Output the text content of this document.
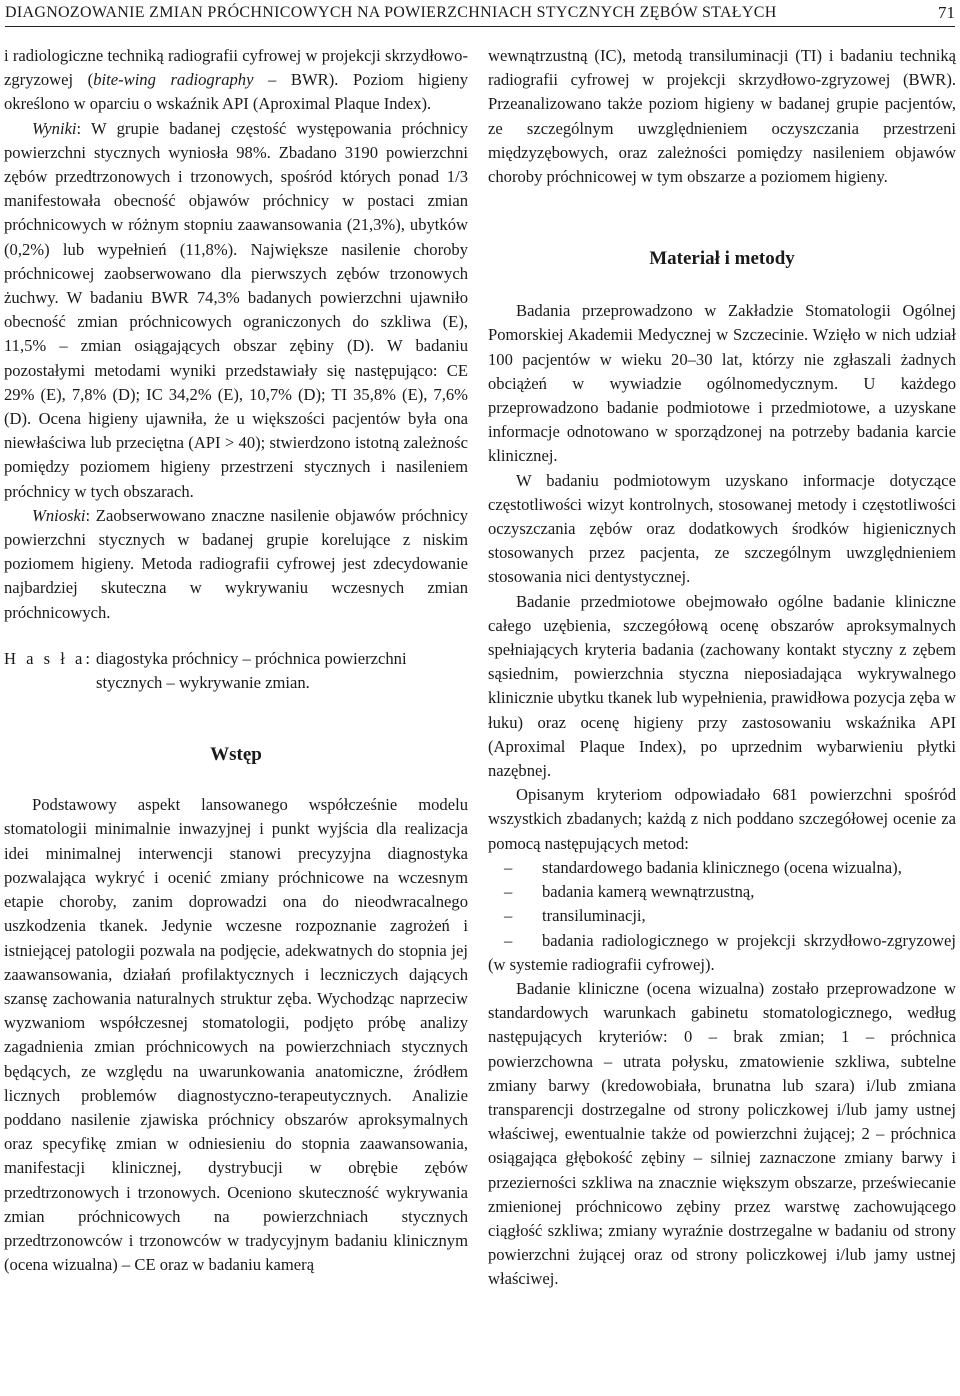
DIAGNOZOWANIE ZMIAN PRÓCHNICOWYCH NA POWIERZCHNIACH STYCZNYCH ZĘBÓW STAŁYCH	71

i radiologiczne techniką radiografii cyfrowej w projekcji skrzydłowo-zgryzowej (bite-wing radiography – BWR). Poziom higieny określono w oparciu o wskaźnik API (Aproximal Plaque Index).

Wyniki: W grupie badanej częstość występowania próchnicy powierzchni stycznych wyniosła 98%. Zbadano 3190 powierzchni zębów przedtrzonowych i trzonowych, spośród których ponad 1/3 manifestowała obecność objawów próchnicy w postaci zmian próchnicowych w różnym stopniu zaawansowania (21,3%), ubytków (0,2%) lub wypełnień (11,8%). Największe nasilenie choroby próchnicowej zaobserwowano dla pierwszych zębów trzonowych żuchwy. W badaniu BWR 74,3% badanych powierzchni ujawniło obecność zmian próchnicowych ograniczonych do szkliwa (E), 11,5% – zmian osiągających obszar zębiny (D). W badaniu pozostałymi metodami wyniki przedstawiały się następująco: CE 29% (E), 7,8% (D); IC 34,2% (E), 10,7% (D); TI 35,8% (E), 7,6% (D). Ocena higieny ujawniła, że u większości pacjentów była ona niewłaściwa lub przeciętna (API > 40); stwierdzono istotną zależnośc pomiędzy poziomem higieny przestrzeni stycznych i nasileniem próchnicy w tych obszarach.

Wnioski: Zaobserwowano znaczne nasilenie objawów próchnicy powierzchni stycznych w badanej grupie korelujące z niskim poziomem higieny. Metoda radiografii cyfrowej jest zdecydowanie najbardziej skuteczna w wykrywaniu wczesnych zmian próchnicowych.

H a s ł a: diagostyka próchnicy – próchnica powierzchni stycznych – wykrywanie zmian.

Wstęp

Podstawowy aspekt lansowanego współcześnie modelu stomatologii minimalnie inwazyjnej i punkt wyjścia dla realizacja idei minimalnej interwencji stanowi precyzyjna diagnostyka pozwalająca wykryć i ocenić zmiany próchnicowe na wczesnym etapie choroby, zanim doprowadzi ona do nieodwracalnego uszkodzenia tkanek. Jedynie wczesne rozpoznanie zagrożeń i istniejącej patologii pozwala na podjęcie, adekwatnych do stopnia jej zaawansowania, działań profilaktycznych i leczniczych dających szansę zachowania naturalnych struktur zęba. Wychodząc naprzeciw wyzwaniom współczesnej stomatologii, podjęto próbę analizy zagadnienia zmian próchnicowych na powierzchniach stycznych będących, ze względu na uwarunkowania anatomiczne, źródłem licznych problemów diagnostyczno-terapeutycznych. Analizie poddano nasilenie zjawiska próchnicy obszarów aproksymalnych oraz specyfikę zmian w odniesieniu do stopnia zaawansowania, manifestacji klinicznej, dystrybucji w obrębie zębów przedtrzonowych i trzonowych. Oceniono skuteczność wykrywania zmian próchnicowych na powierzchniach stycznych przedtrzonowców i trzonowców w tradycyjnym badaniu klinicznym (ocena wizualna) – CE oraz w badaniu kamerą

wewnątrzustną (IC), metodą transiluminacji (TI) i badaniu techniką radiografii cyfrowej w projekcji skrzydłowo-zgryzowej (BWR). Przeanalizowano także poziom higieny w badanej grupie pacjentów, ze szczególnym uwzględnieniem oczyszczania przestrzeni międzyzębowych, oraz zależności pomiędzy nasileniem objawów choroby próchnicowej w tym obszarze a poziomem higieny.

Materiał i metody

Badania przeprowadzono w Zakładzie Stomatologii Ogólnej Pomorskiej Akademii Medycznej w Szczecinie. Wzięło w nich udział 100 pacjentów w wieku 20–30 lat, którzy nie zgłaszali żadnych obciążeń w wywiadzie ogólnomedycznym. U każdego przeprowadzono badanie podmiotowe i przedmiotowe, a uzyskane informacje odnotowano w sporządzonej na potrzeby badania karcie klinicznej.

W badaniu podmiotowym uzyskano informacje dotyczące częstotliwości wizyt kontrolnych, stosowanej metody i częstotliwości oczyszczania zębów oraz dodatkowych środków higienicznych stosowanych przez pacjenta, ze szczególnym uwzględnieniem stosowania nici dentystycznej.

Badanie przedmiotowe obejmowało ogólne badanie kliniczne całego uzębienia, szczegółową ocenę obszarów aproksymalnych spełniających kryteria badania (zachowany kontakt styczny z zębem sąsiednim, powierzchnia styczna nieposiadająca wykrywalnego klinicznie ubytku tkanek lub wypełnienia, prawidłowa pozycja zęba w łuku) oraz ocenę higieny przy zastosowaniu wskaźnika API (Aproximal Plaque Index), po uprzednim wybarwieniu płytki nazębnej.

Opisanym kryteriom odpowiadało 681 powierzchni spośród wszystkich zbadanych; każdą z nich poddano szczegółowej ocenie za pomocą następujących metod:

– standardowego badania klinicznego (ocena wizualna),
– badania kamerą wewnątrzustną,
– transiluminacji,
– badania radiologicznego w projekcji skrzydłowo-zgryzowej (w systemie radiografii cyfrowej).

Badanie kliniczne (ocena wizualna) zostało przeprowadzone w standardowych warunkach gabinetu stomatologicznego, według następujących kryteriów: 0 – brak zmian; 1 – próchnica powierzchowna – utrata połysku, zmatowienie szkliwa, subtelne zmiany barwy (kredowobiała, brunatna lub szara) i/lub zmiana transparencji dostrzegalne od strony policzkowej i/lub jamy ustnej właściwej, ewentualnie także od powierzchni żującej; 2 – próchnica osiągająca głębokość zębiny – silniej zaznaczone zmiany barwy i przezierności szkliwa na znacznie większym obszarze, przeświecanie zmienionej próchnicowo zębiny przez warstwę zachowującego ciągłość szkliwa; zmiany wyraźnie dostrzegalne w badaniu od strony powierzchni żującej oraz od strony policzkowej i/lub jamy ustnej właściwej.
